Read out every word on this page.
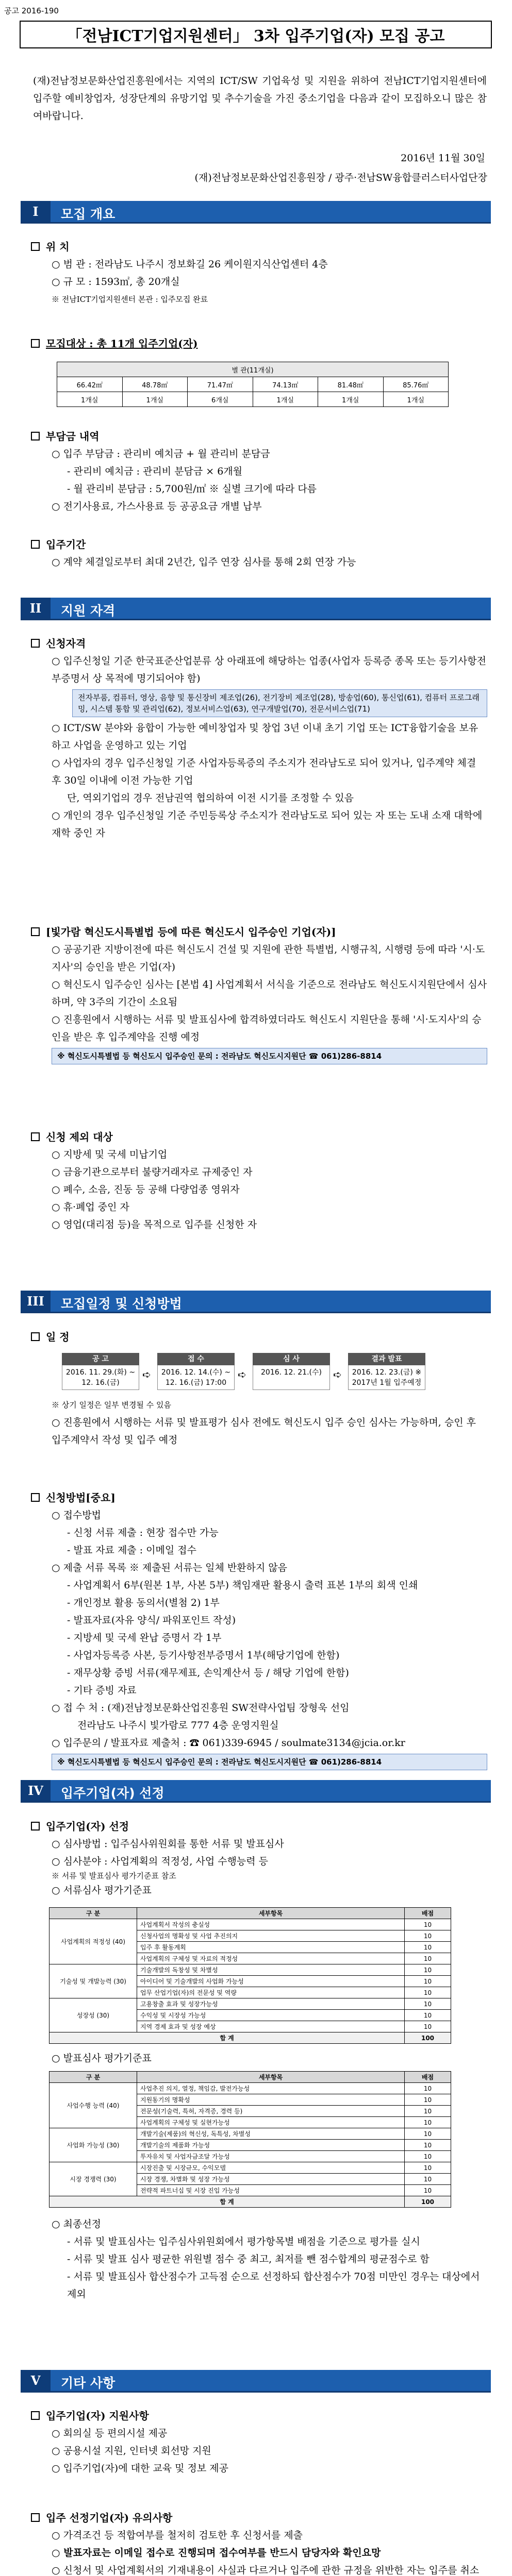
공고 2016-190
「전남ICT기업지원센터」 3차 입주기업(자) 모집 공고
(재)전남정보문화산업진흥원에서는 지역의 ICT/SW 기업육성 및 지원을 위하여 전남ICT기업지원센터에 입주할 예비창업자, 성장단계의 유망기업 및 추수기술을 가진 중소기업을 다음과 같이 모집하오니 많은 참여바랍니다.
2016년 11월 30일
(재)전남정보문화산업진흥원장 / 광주·전남SW융합클러스터사업단장
I	모집 개요
위 치
○ 범 관 : 전라남도 나주시 정보화길 26 케이원지식산업센터 4층
○ 규 모 : 1593㎡, 총 20개실
※ 전남ICT기업지원센터 본관 : 입주모집 완료
모집대상 : 총 11개 입주기업(자)
별 관(11개실)					
66.42㎡	48.78㎡	71.47㎡	74.13㎡	81.48㎡	85.76㎡
1개실	1개실	6개실	1개실	1개실	1개실
부담금 내역
○ 입주 부담금 : 관리비 예치금 + 월 관리비 분담금
- 관리비 예치금 : 관리비 분담금 × 6개월
- 월 관리비 분담금 : 5,700원/㎡ ※ 실별 크기에 따라 다름
○ 전기사용료, 가스사용료 등 공공요금 개별 납부
입주기간
○ 계약 체결일로부터 최대 2년간, 입주 연장 심사를 통해 2회 연장 가능
II	지원 자격
신청자격
○ 입주신청일 기준 한국표준산업분류 상 아래표에 해당하는 업종(사업자 등록증 종목 또는 등기사항전부증명서 상 목적에 명기되어야 함)
전자부품, 컴퓨터, 영상, 음향 및 통신장비 제조업(26), 전기장비 제조업(28), 방송업(60), 통신업(61), 컴퓨터 프로그래밍, 시스템 통합 및 관리업(62), 정보서비스업(63), 연구개발업(70), 전문서비스업(71)
○ ICT/SW 분야와 융합이 가능한 예비창업자 및 창업 3년 이내 초기 기업 또는 ICT융합기술을 보유하고 사업을 운영하고 있는 기업
○ 사업자의 경우 입주신청일 기준 사업자등록증의 주소지가 전라남도로 되어 있거나, 입주계약 체결 후 30일 이내에 이전 가능한 기업
단, 역외기업의 경우 전남권역 협의하여 이전 시기를 조정할 수 있음
○ 개인의 경우 입주신청일 기준 주민등록상 주소지가 전라남도로 되어 있는 자 또는 도내 소재 대학에 재학 중인 자
[빛가람 혁신도시특별법 등에 따른 혁신도시 입주승인 기업(자)]
○ 공공기관 지방이전에 따른 혁신도시 건설 및 지원에 관한 특별법, 시행규칙, 시행령 등에 따라 '시·도지사'의 승인을 받은 기업(자)
○ 혁신도시 입주승인 심사는 [본법 4] 사업계획서 서식을 기준으로 전라남도 혁신도시지원단에서 심사하며, 약 3주의 기간이 소요됨
○ 진흥원에서 시행하는 서류 및 발표심사에 합격하였더라도 혁신도시 지원단을 통해 '시·도지사'의 승인을 받은 후 입주계약을 진행 예정
※ 혁신도시특별법 등 혁신도시 입주승인 문의 : 전라남도 혁신도시지원단 ☎ 061)286-8814
신청 제외 대상
○ 지방세 및 국세 미납기업
○ 금융기관으로부터 불량거래자로 규제중인 자
○ 폐수, 소음, 진동 등 공해 다량업종 영위자
○ 휴·폐업 중인 자
○ 영업(대리점 등)을 목적으로 입주를 신청한 자
III	모집일정 및 신청방법
일 정
공 고
2016. 11. 29.(화) ~ 12. 16.(금)
➪
접 수
2016. 12. 14.(수) ~ 12. 16.(금) 17:00
➪
심 사
2016. 12. 21.(수)	➪
결과 발표
2016. 12. 23.(금) ※ 2017년 1월 입주예정
※ 상기 일정은 일부 변경될 수 있음
○ 진흥원에서 시행하는 서류 및 발표평가 심사 전에도 혁신도시 입주 승인 심사는 가능하며, 승인 후 입주계약서 작성 및 입주 예정
신청방법[중요]
○ 접수방법
- 신청 서류 제출 : 현장 접수만 가능
- 발표 자료 제출 : 이메일 접수
○ 제출 서류 목록 ※ 제출된 서류는 일체 반환하지 않음
- 사업계획서 6부(원본 1부, 사본 5부) 책임재판 활용시 출력 표본 1부의 회색 인쇄
- 개인정보 활용 동의서(별첨 2) 1부
- 발표자료(자유 양식/ 파워포인트 작성)
- 지방세 및 국세 완납 증명서 각 1부
- 사업자등록증 사본, 등기사항전부증명서 1부(해당기업에 한함)
- 재무상황 증빙 서류(재무제표, 손익계산서 등 / 해당 기업에 한함)
- 기타 증빙 자료
○ 접 수 처 : (재)전남정보문화산업진흥원 SW전략사업팀 장형욱 선임
전라남도 나주시 빛가람로 777 4층 운영지원실
○ 입주문의 / 발표자료 제출처 : ☎ 061)339-6945 / soulmate3134@jcia.or.kr
※ 혁신도시특별법 등 혁신도시 입주승인 문의 : 전라남도 혁신도시지원단 ☎ 061)286-8814
IV	입주기업(자) 선정
입주기업(자) 선정
○ 심사방법 : 입주심사위원회를 통한 서류 및 발표심사
○ 심사분야 : 사업계획의 적정성, 사업 수행능력 등
※ 서류 및 발표심사 평가기준표 참조
○ 서류심사 평가기준표
구 분	세부항목	배점
사업계획의 적정성 (40)	사업계획서 작성의 충실성	10
	신청사업의 명확성 및 사업 추진의지	10
	입주 후 활동계획	10
	사업계획의 구체성 및 자료의 적정성	10
기술성 및 개발능력 (30)	기술개발의 독창성 및 차별성	10
	아이디어 및 기술개발의 사업화 가능성	10
	업무 산업기업(자)의 전문성 및 역량	10
성장성 (30)	고용창출 효과 및 성장가능성	10
	수익성 및 시장성 가능성	10
	지역 경제 효과 및 성장 예상	10
합 계		100
○ 발표심사 평가기준표
구 분	세부항목	배점
사업수행 능력 (40)	사업추진 의지, 열정, 책임감, 발전가능성	10
	지원동기의 명확성	10
	전문성(기술력, 특허, 자격증, 경력 등)	10
	사업계획의 구체성 및 실현가능성	10
사업화 가능성 (30)	개발기술(제품)의 혁신성, 독특성, 차별성	10
	개발기술의 제품화 가능성	10
	투자유치 및 사업자금조달 가능성	10
시장 경쟁력 (30)	시장진출 및 시장규모, 수익모델	10
	시장 경쟁, 차별화 및 성장 가능성	10
	전략적 파트너십 및 시장 진입 가능성	10
합 계		100
○ 최종선정
- 서류 및 발표심사는 입주심사위원회에서 평가항목별 배점을 기준으로 평가를 실시
- 서류 및 발표 심사 평균한 위원별 점수 중 최고, 최저를 뺀 점수합계의 평균점수로 함
- 서류 및 발표심사 합산점수가 고득점 순으로 선정하되 합산점수가 70점 미만인 경우는 대상에서 제외
V	기타 사항
입주기업(자) 지원사항
○ 회의실 등 편의시설 제공
○ 공용시설 지원, 인터넷 회선망 지원
○ 입주기업(자)에 대한 교육 및 정보 제공
입주 선정기업(자) 유의사항
○ 가격조건 등 적합여부를 철저히 검토한 후 신청서를 제출
○ 발표자료는 이메일 접수로 진행되며 접수여부를 반드시 담당자와 확인요망
○ 신청서 및 사업계획서의 기재내용이 사실과 다르거나 입주에 관한 규정을 위반한 자는 입주를 취소
